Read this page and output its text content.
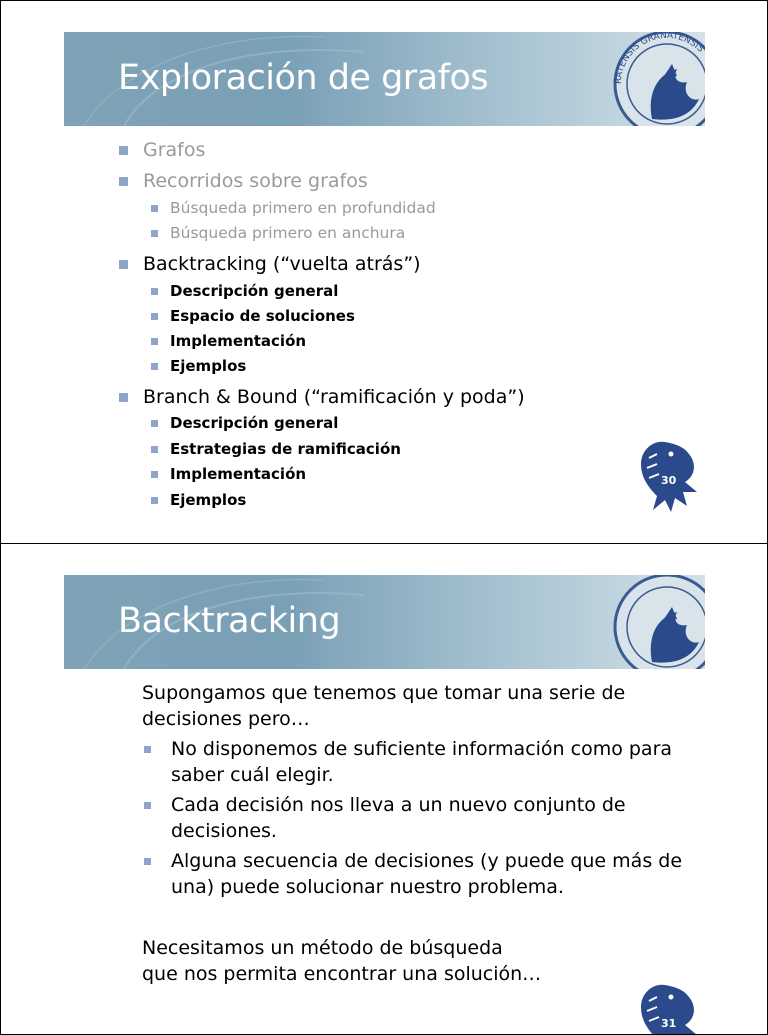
Exploración de grafos	RATENSIS GRANATENSIS
Grafos
Recorridos sobre grafos
Búsqueda primero en profundidad
Búsqueda primero en anchura
Backtracking (“vuelta atrás”)
Descripción general
Espacio de soluciones
Implementación
Ejemplos
Branch & Bound (“ramificación y poda”)
Descripción general
Estrategias de ramificación
Implementación
Ejemplos
30
Backtracking
Supongamos que tenemos que tomar una serie de
decisiones pero…
No disponemos de suficiente información como para
saber cuál elegir.
Cada decisión nos lleva a un nuevo conjunto de
decisiones.
Alguna secuencia de decisiones (y puede que más de
una) puede solucionar nuestro problema.
Necesitamos un método de búsqueda
que nos permita encontrar una solución…
31
